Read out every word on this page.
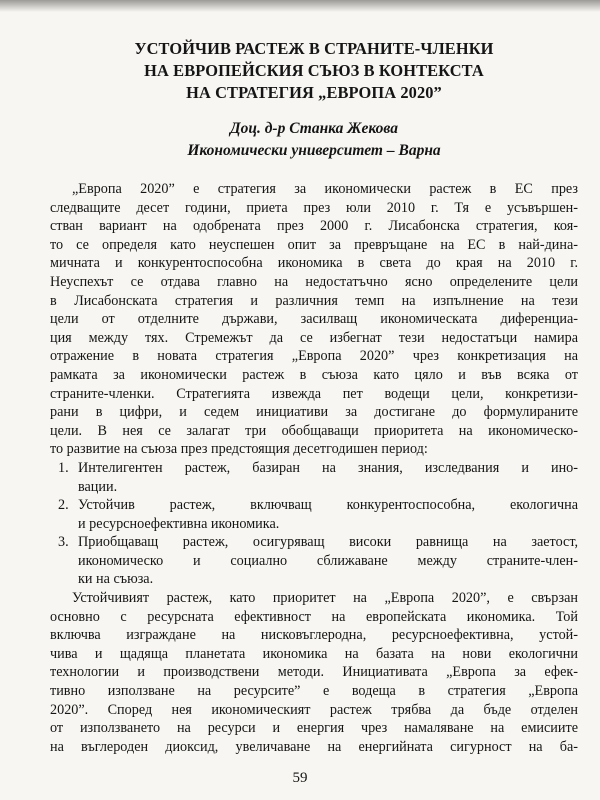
УСТОЙЧИВ РАСТЕЖ В СТРАНИТЕ-ЧЛЕНКИ
НА ЕВРОПЕЙСКИЯ СЪЮЗ В КОНТЕКСТА
НА СТРАТЕГИЯ „ЕВРОПА 2020”
Доц. д-р Станка Жекова
Икономически университет – Варна
„Европа 2020” е стратегия за икономически растеж в ЕС през
следващите десет години, приета през юли 2010 г. Тя е усъвършен-
стван вариант на одобрената през 2000 г. Лисабонска стратегия, коя-
то се определя като неуспешен опит за превръщане на ЕС в най-дина-
мичната и конкурентоспособна икономика в света до края на 2010 г.
Неуспехът се отдава главно на недостатъчно ясно определените цели
в Лисабонската стратегия и различния темп на изпълнение на тези
цели от отделните държави, засилващ икономическата диференциа-
ция между тях. Стремежът да се избегнат тези недостатъци намира
отражение в новата стратегия „Европа 2020” чрез конкретизация на
рамката за икономически растеж в съюза като цяло и във всяка от
страните-членки. Стратегията извежда пет водещи цели, конкретизи-
рани в цифри, и седем инициативи за достигане до формулираните
цели. В нея се залагат три обобщаващи приоритета на икономическо-
то развитие на съюза през предстоящия десетгодишен период:
1. Интелигентен растеж, базиран на знания, изследвания и ино-
вации.
2. Устойчив растеж, включващ конкурентоспособна, екологична
и ресурсноефективна икономика.
3. Приобщаващ растеж, осигуряващ високи равнища на заетост,
икономическо и социално сближаване между страните-член-
ки на съюза.
Устойчивият растеж, като приоритет на „Европа 2020”, е свързан
основно с ресурсната ефективност на европейската икономика. Той
включва изграждане на нисковъглеродна, ресурсноефективна, устой-
чива и щадяща планетата икономика на базата на нови екологични
технологии и производствени методи. Инициативата „Европа за ефек-
тивно използване на ресурсите” е водеща в стратегия „Европа
2020”. Според нея икономическият растеж трябва да бъде отделен
от използването на ресурси и енергия чрез намаляване на емисиите
на въглероден диоксид, увеличаване на енергийната сигурност на ба-
59
